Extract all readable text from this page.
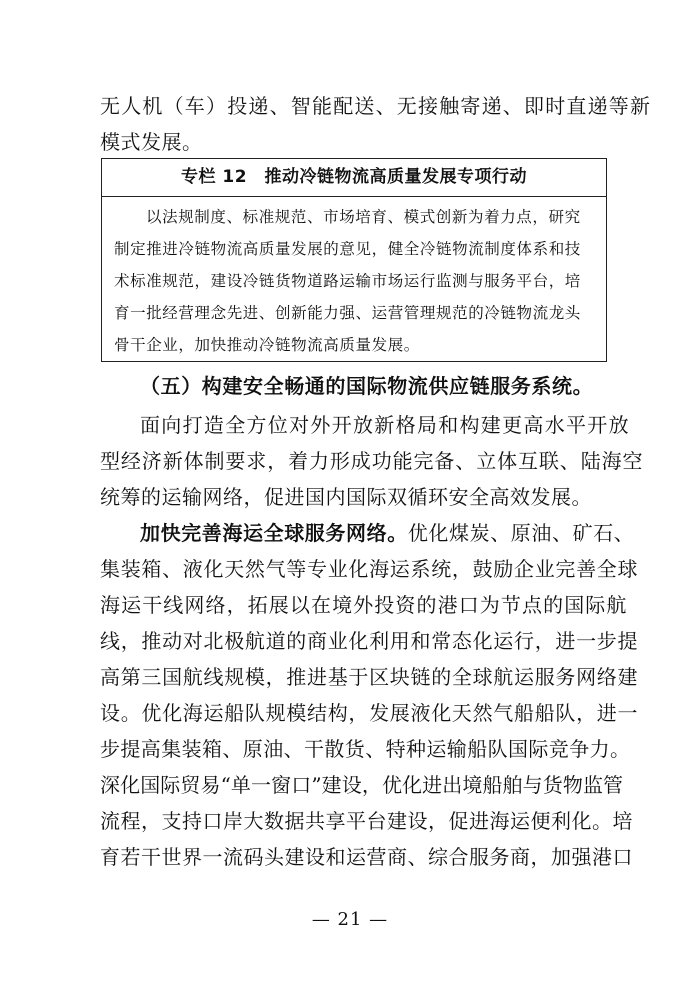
无人机（车）投递、智能配送、无接触寄递、即时直递等新
模式发展。
专栏 12　推动冷链物流高质量发展专项行动
以法规制度、标准规范、市场培育、模式创新为着力点，研究
制定推进冷链物流高质量发展的意见，健全冷链物流制度体系和技
术标准规范，建设冷链货物道路运输市场运行监测与服务平台，培
育一批经营理念先进、创新能力强、运营管理规范的冷链物流龙头
骨干企业，加快推动冷链物流高质量发展。
（五）构建安全畅通的国际物流供应链服务系统。
面向打造全方位对外开放新格局和构建更高水平开放
型经济新体制要求，着力形成功能完备、立体互联、陆海空
统筹的运输网络，促进国内国际双循环安全高效发展。
加快完善海运全球服务网络。优化煤炭、原油、矿石、
集装箱、液化天然气等专业化海运系统，鼓励企业完善全球
海运干线网络，拓展以在境外投资的港口为节点的国际航
线，推动对北极航道的商业化利用和常态化运行，进一步提
高第三国航线规模，推进基于区块链的全球航运服务网络建
设。优化海运船队规模结构，发展液化天然气船船队，进一
步提高集装箱、原油、干散货、特种运输船队国际竞争力。
深化国际贸易“单一窗口”建设，优化进出境船舶与货物监管
流程，支持口岸大数据共享平台建设，促进海运便利化。培
育若干世界一流码头建设和运营商、综合服务商，加强港口
— 21 —
